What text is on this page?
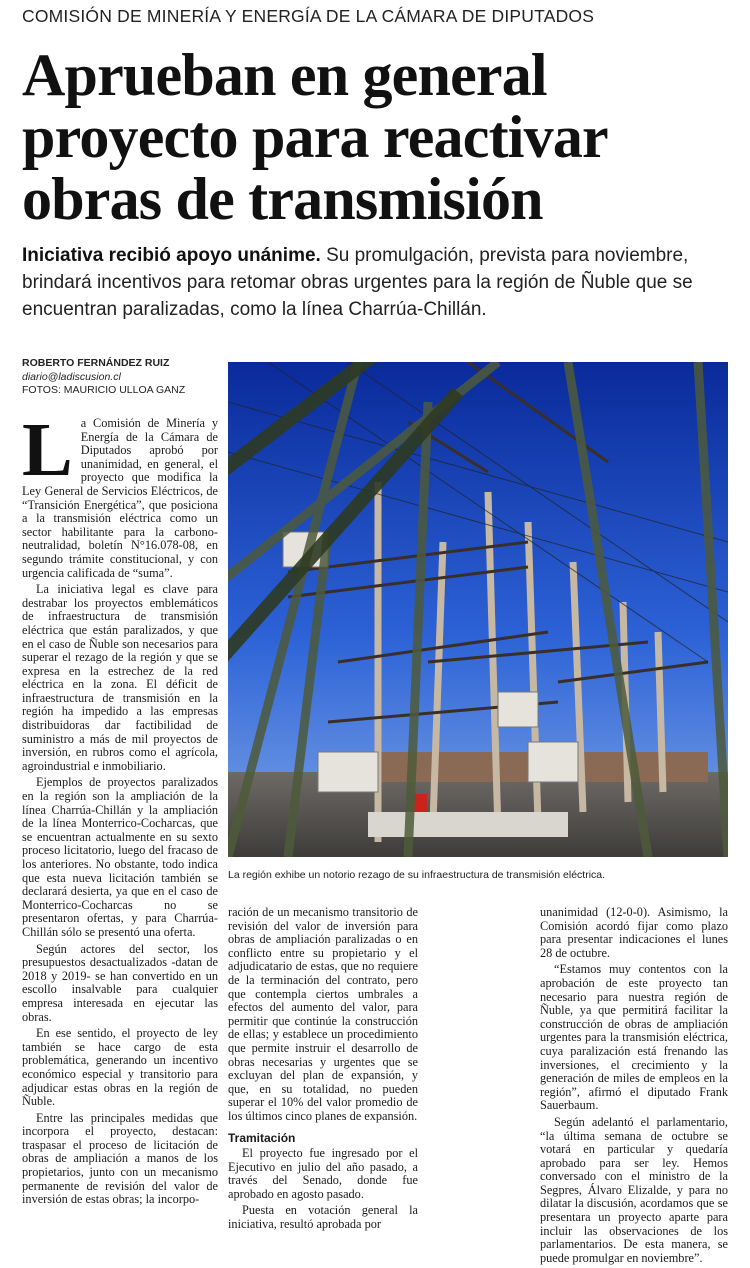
COMISIÓN DE MINERÍA Y ENERGÍA DE LA CÁMARA DE DIPUTADOS
Aprueban en general
proyecto para reactivar
obras de transmisión
Iniciativa recibió apoyo unánime. Su promulgación, prevista para noviembre, brindará incentivos para retomar obras urgentes para la región de Ñuble que se encuentran paralizadas, como la línea Charrúa-Chillán.
ROBERTO FERNÁNDEZ RUIZ
diario@ladiscusion.cl
FOTOS: MAURICIO ULLOA GANZ
La región exhibe un notorio rezago de su infraestructura de transmisión eléctrica.

La Comisión de Minería y Energía de la Cámara de Diputados aprobó por unanimidad, en general, el proyecto que modifica la Ley General de Servicios Eléctricos, de “Transición Energética”, que posiciona a la transmisión eléctrica como un sector habilitante para la carbono-neutralidad, boletín N°16.078-08, en segundo trámite constitucional, y con urgencia calificada de “suma”.

La iniciativa legal es clave para destrabar los proyectos emblemáticos de infraestructura de transmisión eléctrica que están paralizados, y que en el caso de Ñuble son necesarios para superar el rezago de la región y que se expresa en la estrechez de la red eléctrica en la zona. El déficit de infraestructura de transmisión en la región ha impedido a las empresas distribuidoras dar factibilidad de suministro a más de mil proyectos de inversión, en rubros como el agrícola, agroindustrial e inmobiliario.

Ejemplos de proyectos paralizados en la región son la ampliación de la línea Charrúa-Chillán y la ampliación de la línea Monterrico-Cocharcas, que se encuentran actualmente en su sexto proceso licitatorio, luego del fracaso de los anteriores. No obstante, todo indica que esta nueva licitación también se declarará desierta, ya que en el caso de Monterrico-Cocharcas no se presentaron ofertas, y para Charrúa-Chillán sólo se presentó una oferta.

Según actores del sector, los presupuestos desactualizados -datan de 2018 y 2019- se han convertido en un escollo insalvable para cualquier empresa interesada en ejecutar las obras.

En ese sentido, el proyecto de ley también se hace cargo de esta problemática, generando un incentivo económico especial y transitorio para adjudicar estas obras en la región de Ñuble.

Entre las principales medidas que incorpora el proyecto, destacan: traspasar el proceso de licitación de obras de ampliación a manos de los propietarios, junto con un mecanismo permanente de revisión del valor de inversión de estas obras; la incorpo-

ración de un mecanismo transitorio de revisión del valor de inversión para obras de ampliación paralizadas o en conflicto entre su propietario y el adjudicatario de estas, que no requiere de la terminación del contrato, pero que contempla ciertos umbrales a efectos del aumento del valor, para permitir que continúe la construcción de ellas; y establece un procedimiento que permite instruir el desarrollo de obras necesarias y urgentes que se excluyan del plan de expansión, y que, en su totalidad, no pueden superar el 10% del valor promedio de los últimos cinco planes de expansión.

Tramitación

El proyecto fue ingresado por el Ejecutivo en julio del año pasado, a través del Senado, donde fue aprobado en agosto pasado.

Puesta en votación general la iniciativa, resultó aprobada por

unanimidad (12-0-0). Asimismo, la Comisión acordó fijar como plazo para presentar indicaciones el lunes 28 de octubre.

“Estamos muy contentos con la aprobación de este proyecto tan necesario para nuestra región de Ñuble, ya que permitirá facilitar la construcción de obras de ampliación urgentes para la transmisión eléctrica, cuya paralización está frenando las inversiones, el crecimiento y la generación de miles de empleos en la región”, afirmó el diputado Frank Sauerbaum.

Según adelantó el parlamentario, “la última semana de octubre se votará en particular y quedaría aprobado para ser ley. Hemos conversado con el ministro de la Segpres, Álvaro Elizalde, y para no dilatar la discusión, acordamos que se presentara un proyecto aparte para incluir las observaciones de los parlamentarios. De esta manera, se puede promulgar en noviembre”.
